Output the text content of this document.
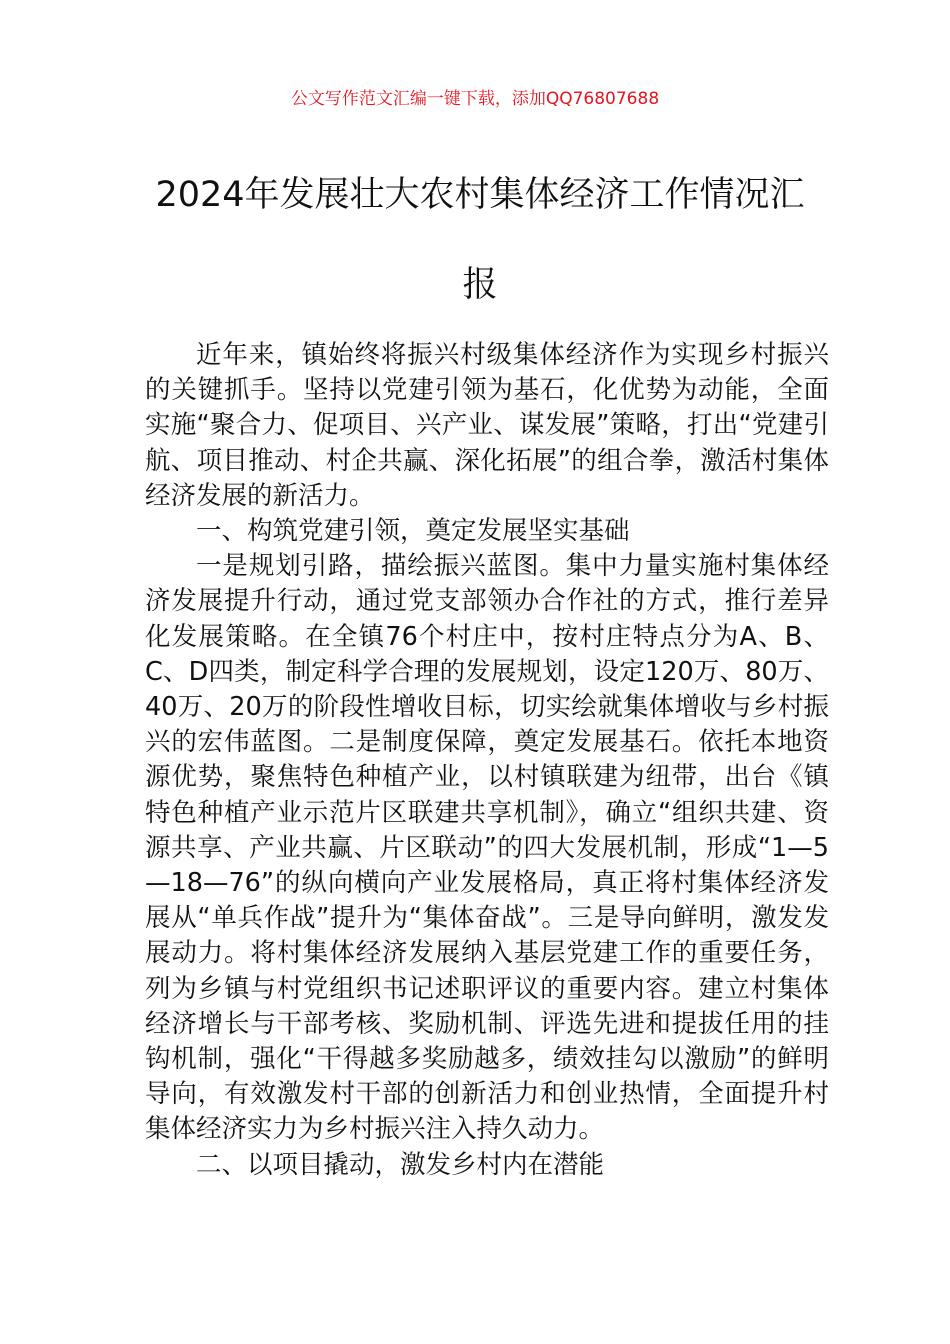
公文写作范文汇编一键下载，添加QQ76807688
2024年发展壮大农村集体经济工作情况汇报

近年来，镇始终将振兴村级集体经济作为实现乡村振兴的关键抓手。坚持以党建引领为基石，化优势为动能，全面实施“聚合力、促项目、兴产业、谋发展”策略，打出“党建引航、项目推动、村企共赢、深化拓展”的组合拳，激活村集体经济发展的新活力。

一、构筑党建引领，奠定发展坚实基础

一是规划引路，描绘振兴蓝图。集中力量实施村集体经济发展提升行动，通过党支部领办合作社的方式，推行差异化发展策略。在全镇76个村庄中，按村庄特点分为A、B、C、D四类，制定科学合理的发展规划，设定120万、80万、40万、20万的阶段性增收目标，切实绘就集体增收与乡村振兴的宏伟蓝图。二是制度保障，奠定发展基石。依托本地资源优势，聚焦特色种植产业，以村镇联建为纽带，出台《镇特色种植产业示范片区联建共享机制》，确立“组织共建、资源共享、产业共赢、片区联动”的四大发展机制，形成“1—5—18—76”的纵向横向产业发展格局，真正将村集体经济发展从“单兵作战”提升为“集体奋战”。三是导向鲜明，激发发展动力。将村集体经济发展纳入基层党建工作的重要任务，列为乡镇与村党组织书记述职评议的重要内容。建立村集体经济增长与干部考核、奖励机制、评选先进和提拔任用的挂钩机制，强化“干得越多奖励越多，绩效挂勾以激励”的鲜明导向，有效激发村干部的创新活力和创业热情，全面提升村集体经济实力为乡村振兴注入持久动力。

二、以项目撬动，激发乡村内在潜能
